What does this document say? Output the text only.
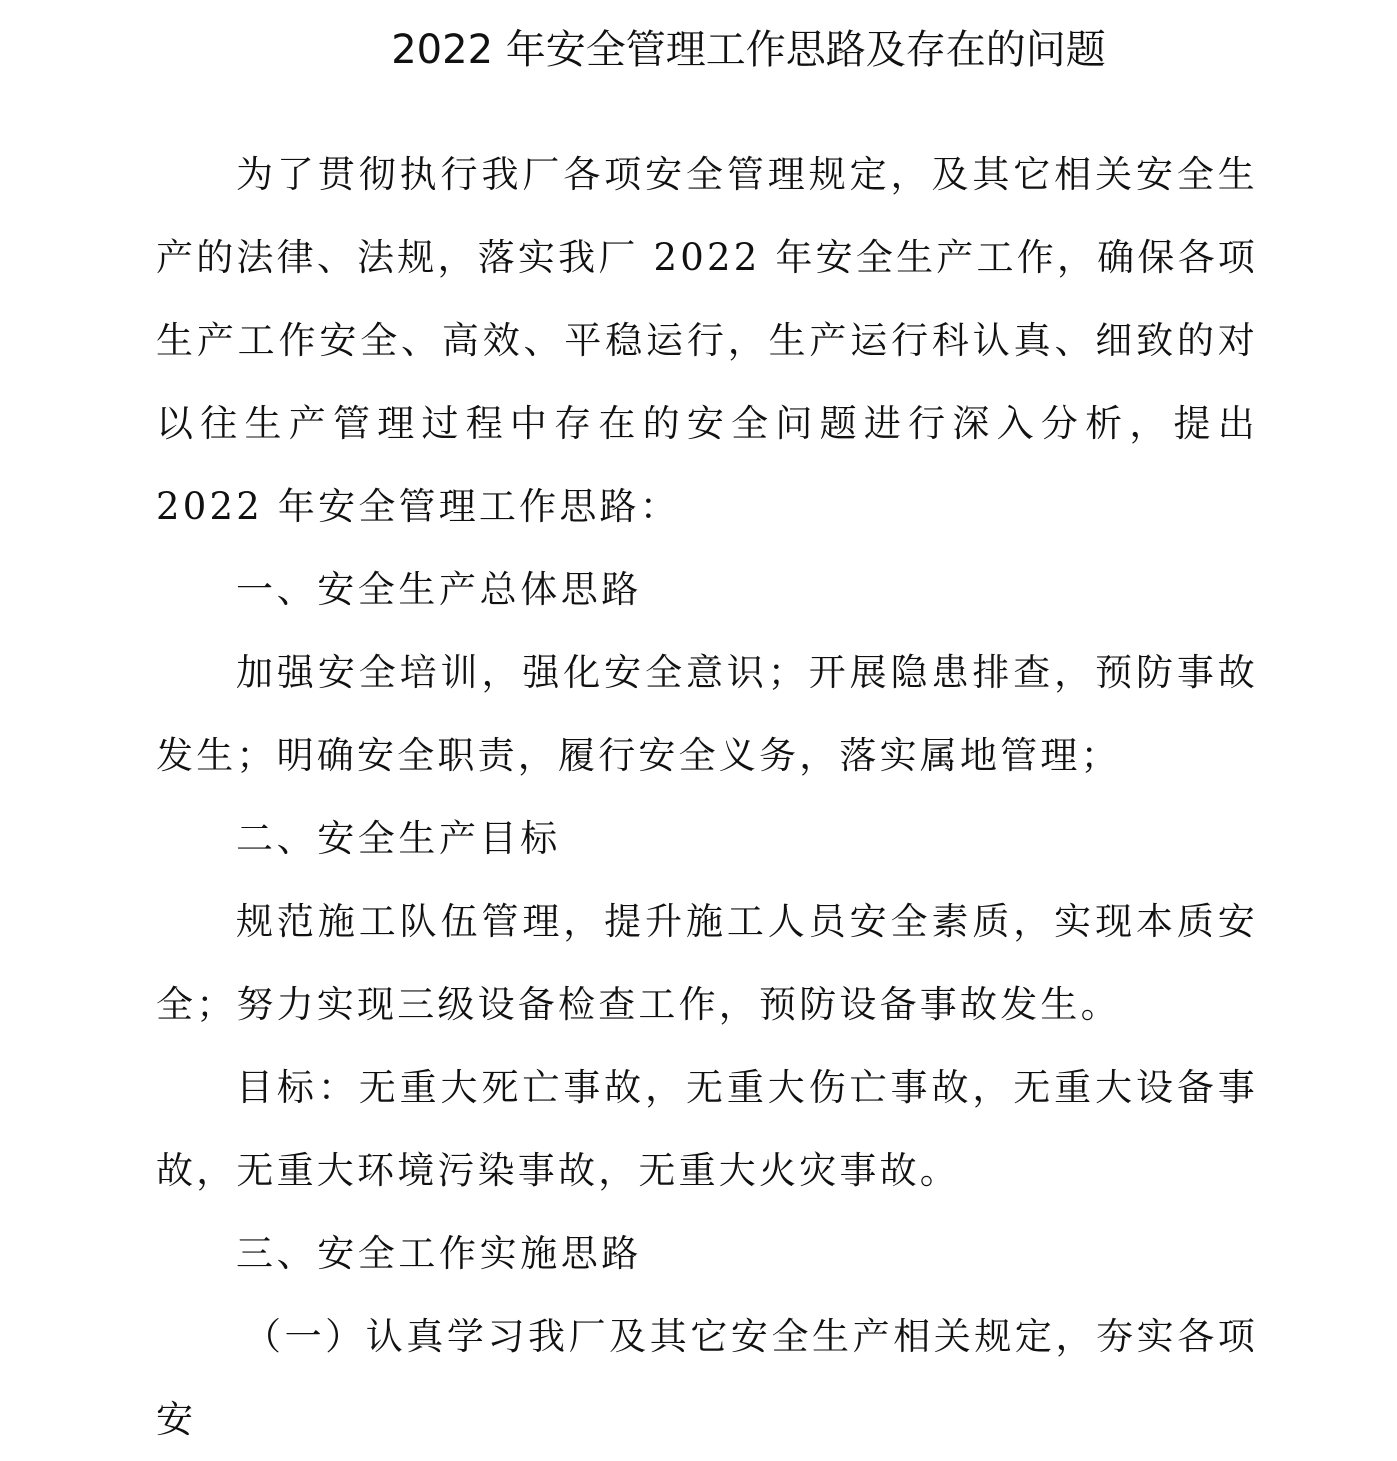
2022 年安全管理工作思路及存在的问题

为了贯彻执行我厂各项安全管理规定，及其它相关安全生产的法律、法规，落实我厂 2022 年安全生产工作，确保各项生产工作安全、高效、平稳运行，生产运行科认真、细致的对以往生产管理过程中存在的安全问题进行深入分析，提出 2022 年安全管理工作思路：

一、安全生产总体思路

加强安全培训，强化安全意识；开展隐患排查，预防事故发生；明确安全职责，履行安全义务，落实属地管理；

二、安全生产目标

规范施工队伍管理，提升施工人员安全素质，实现本质安全；努力实现三级设备检查工作，预防设备事故发生。

目标：无重大死亡事故，无重大伤亡事故，无重大设备事故，无重大环境污染事故，无重大火灾事故。

三、安全工作实施思路

（一）认真学习我厂及其它安全生产相关规定，夯实各项安
